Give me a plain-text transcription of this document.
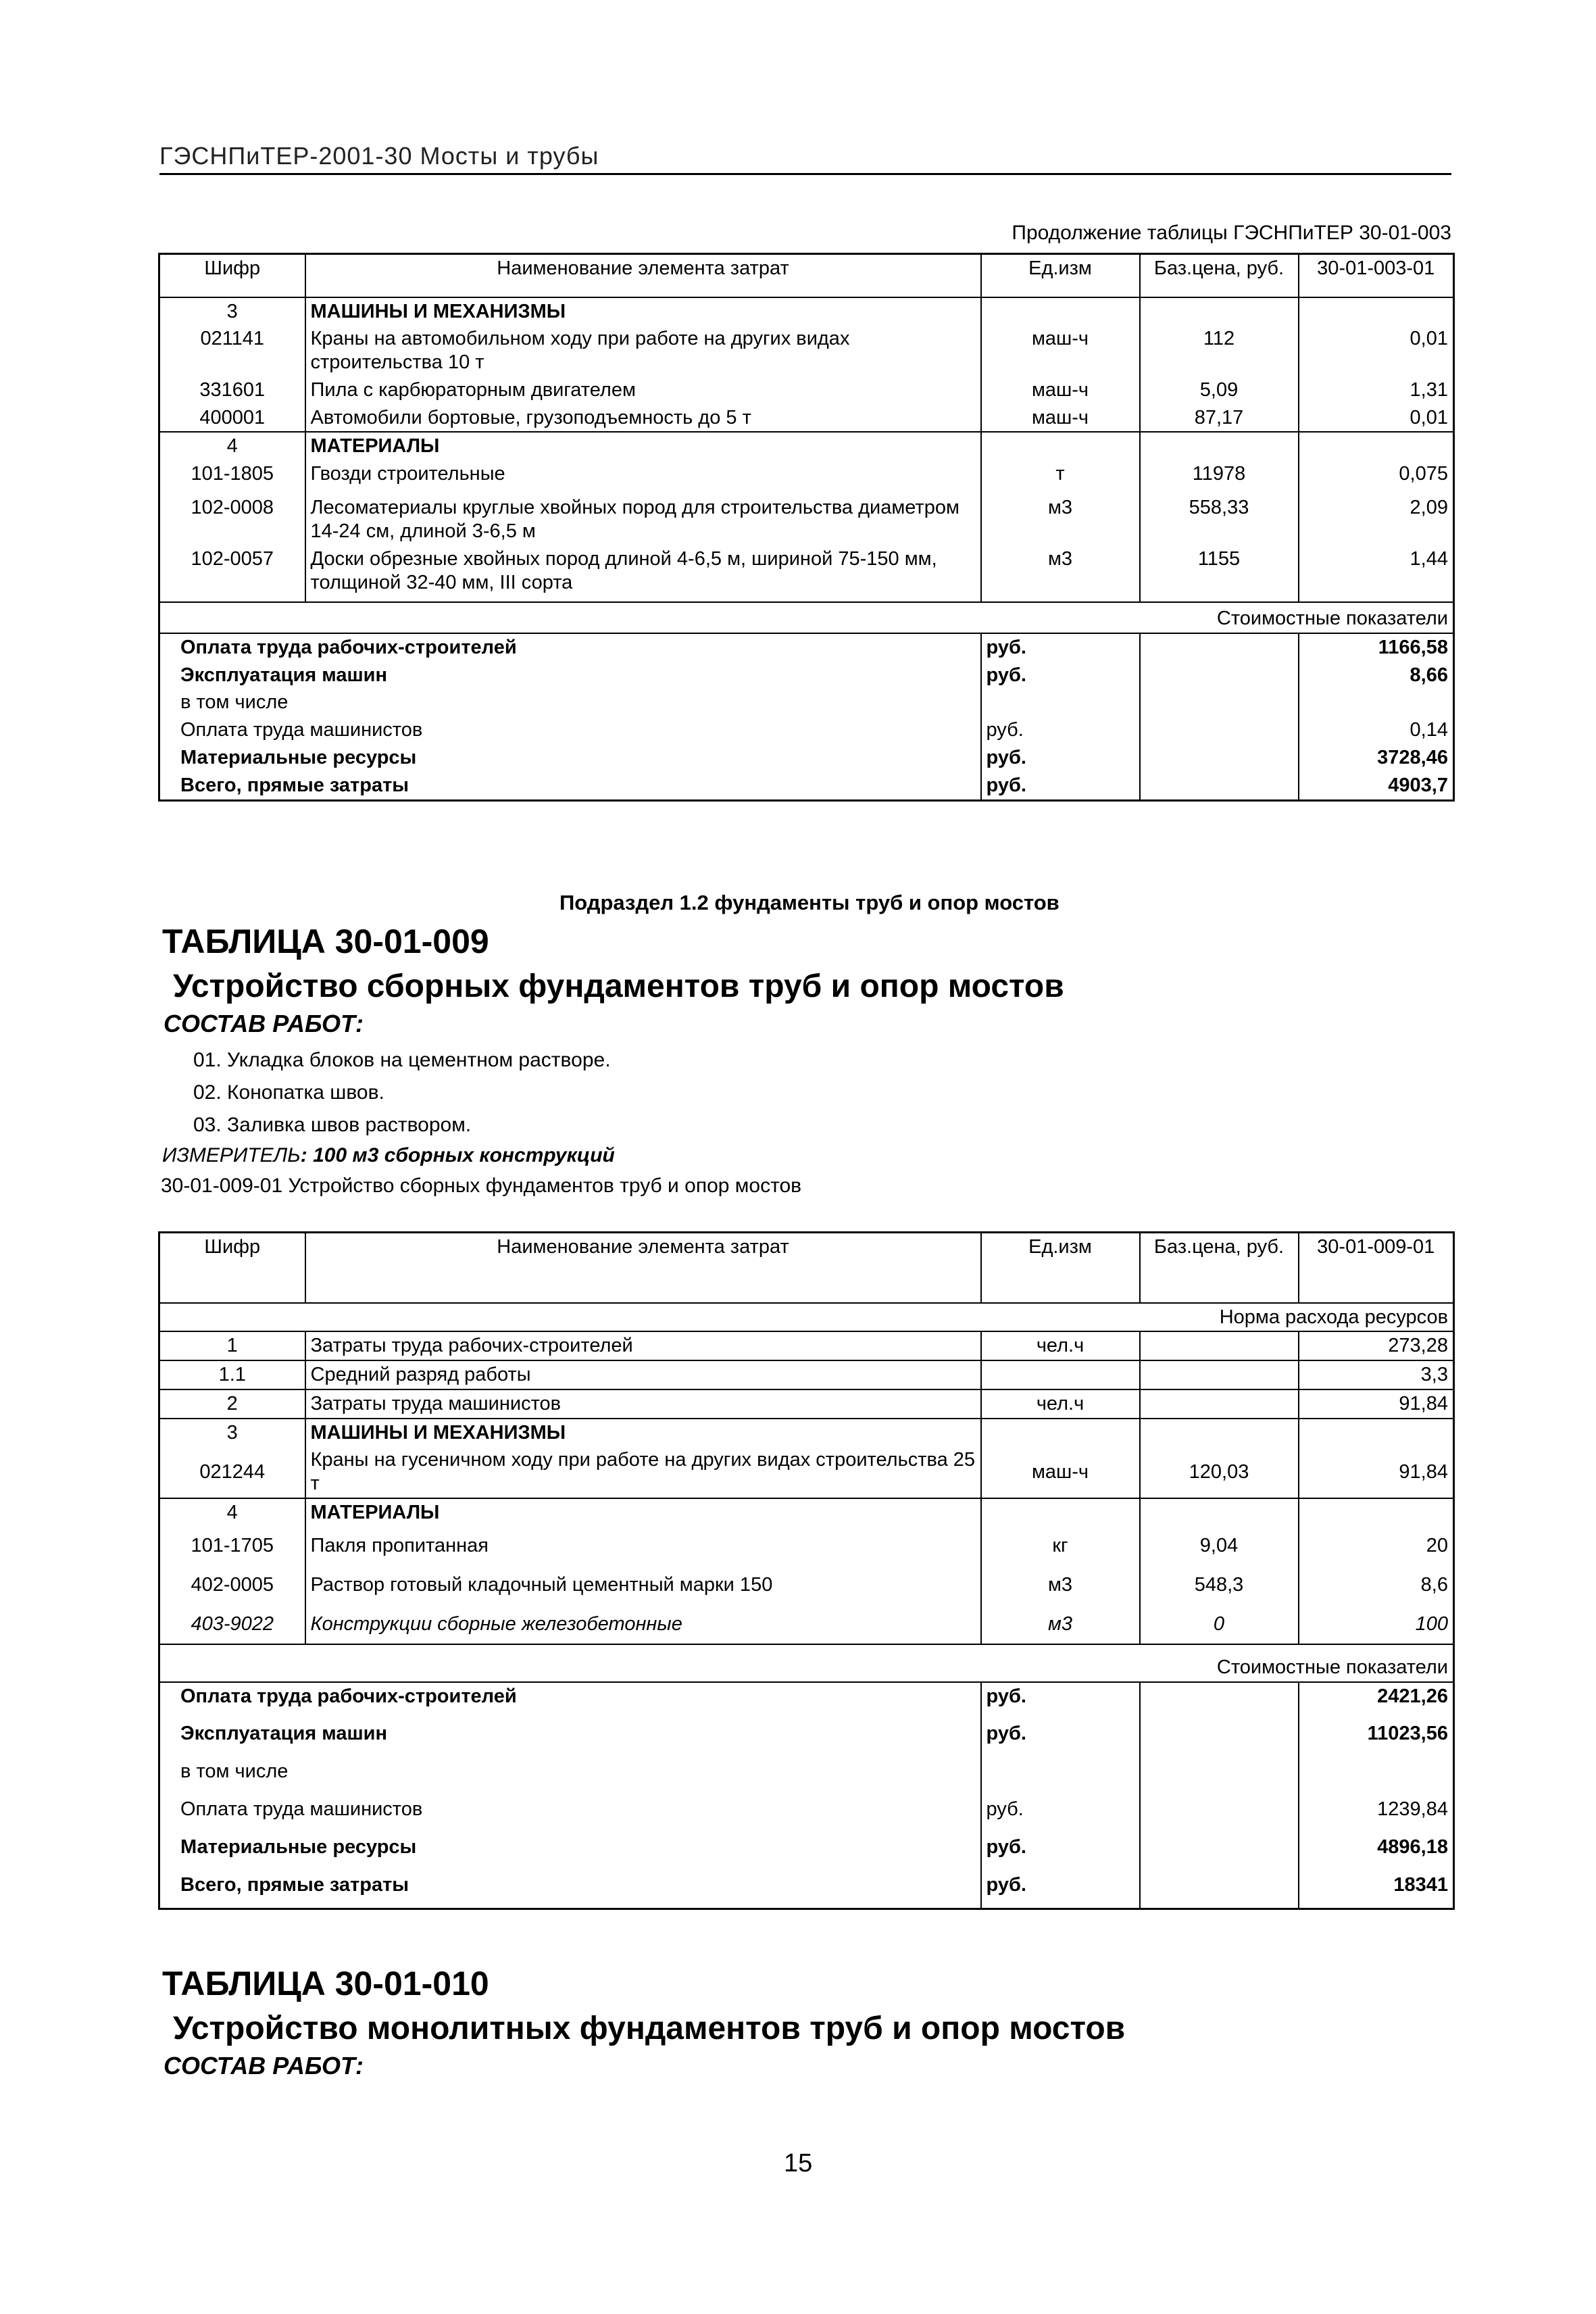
ГЭСНПиТЕР-2001-30 Мосты и трубы
Продолжение таблицы ГЭСНПиТЕР 30-01-003
Шифр	Наименование элемента затрат	Ед.изм	Баз.цена, руб.	30-01-003-01
3	МАШИНЫ И МЕХАНИЗМЫ			
021141	Краны на автомобильном ходу при работе на других видах строительства 10 т	маш-ч	112	0,01
331601	Пила с карбюраторным двигателем	маш-ч	5,09	1,31
400001	Автомобили бортовые, грузоподъемность до 5 т	маш-ч	87,17	0,01
4	МАТЕРИАЛЫ			
101-1805	Гвозди строительные	т	11978	0,075
102-0008	Лесоматериалы круглые хвойных пород для строительства диаметром 14-24 см, длиной 3-6,5 м	м3	558,33	2,09
102-0057	Доски обрезные хвойных пород длиной 4-6,5 м, шириной 75-150 мм, толщиной 32-40 мм, III сорта	м3	1155	1,44
Стоимостные показатели				
Оплата труда рабочих-строителей		руб.		1166,58
Эксплуатация машин		руб.		8,66
в том числе				
Оплата труда машинистов		руб.		0,14
Материальные ресурсы		руб.		3728,46
Всего, прямые затраты		руб.		4903,7
Подраздел 1.2 фундаменты труб и опор мостов
ТАБЛИЦА 30-01-009
Устройство сборных фундаментов труб и опор мостов
СОСТАВ РАБОТ:
01. Укладка блоков на цементном растворе.
02. Конопатка швов.
03. Заливка швов раствором.
ИЗМЕРИТЕЛЬ: 100 м3 сборных конструкций
30-01-009-01 Устройство сборных фундаментов труб и опор мостов
Шифр	Наименование элемента затрат	Ед.изм	Баз.цена, руб.	30-01-009-01
Норма расхода ресурсов				
1	Затраты труда рабочих-строителей	чел.ч		273,28
1.1	Средний разряд работы			3,3
2	Затраты труда машинистов	чел.ч		91,84
3	МАШИНЫ И МЕХАНИЗМЫ			
021244	Краны на гусеничном ходу при работе на других видах строительства 25 т	маш-ч	120,03	91,84
4	МАТЕРИАЛЫ			
101-1705	Пакля пропитанная	кг	9,04	20
402-0005	Раствор готовый кладочный цементный марки 150	м3	548,3	8,6
403-9022	Конструкции сборные железобетонные	м3	0	100
Стоимостные показатели				
Оплата труда рабочих-строителей		руб.		2421,26
Эксплуатация машин		руб.		11023,56
в том числе				
Оплата труда машинистов		руб.		1239,84
Материальные ресурсы		руб.		4896,18
Всего, прямые затраты		руб.		18341
ТАБЛИЦА 30-01-010
Устройство монолитных фундаментов труб и опор мостов
СОСТАВ РАБОТ:
15
